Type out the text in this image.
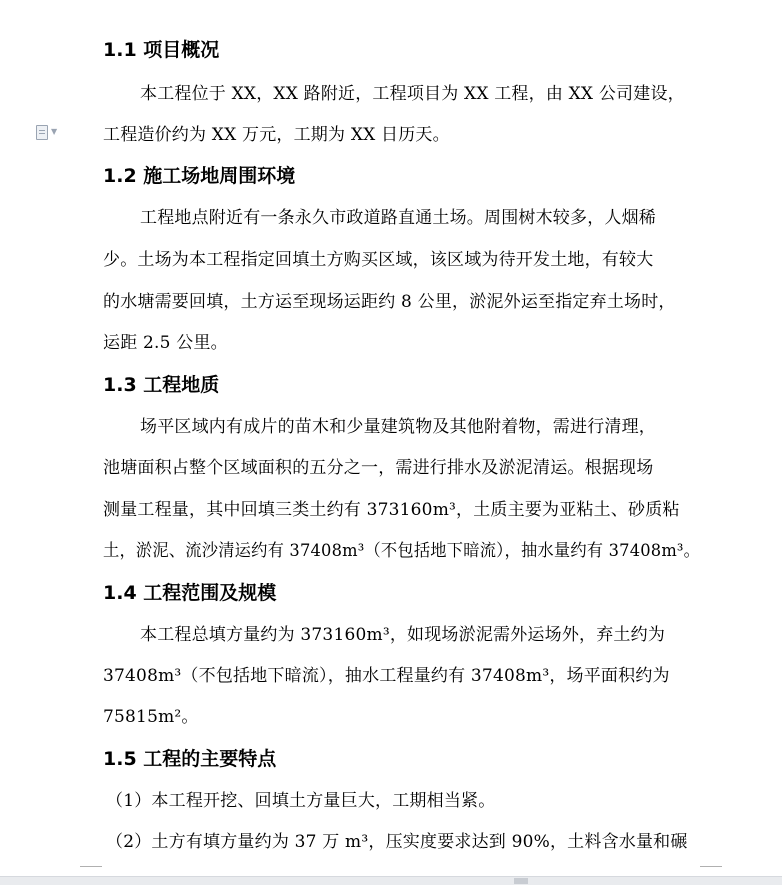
▼
1.1 项目概况

本工程位于 XX，XX 路附近，工程项目为 XX 工程，由 XX 公司建设，

工程造价约为 XX 万元，工期为 XX 日历天。

1.2 施工场地周围环境

工程地点附近有一条永久市政道路直通土场。周围树木较多，人烟稀

少。土场为本工程指定回填土方购买区域，该区域为待开发土地，有较大

的水塘需要回填，土方运至现场运距约 8 公里，淤泥外运至指定弃土场时，

运距 2.5 公里。

1.3 工程地质

场平区域内有成片的苗木和少量建筑物及其他附着物，需进行清理，

池塘面积占整个区域面积的五分之一，需进行排水及淤泥清运。根据现场

测量工程量，其中回填三类土约有 373160m³，土质主要为亚粘土、砂质粘

土，淤泥、流沙清运约有 37408m³（不包括地下暗流），抽水量约有 37408m³。

1.4 工程范围及规模

本工程总填方量约为 373160m³，如现场淤泥需外运场外，弃土约为

37408m³（不包括地下暗流），抽水工程量约有 37408m³，场平面积约为

75815m²。

1.5 工程的主要特点

（1）本工程开挖、回填土方量巨大，工期相当紧。

（2）土方有填方量约为 37 万 m³，压实度要求达到 90%，土料含水量和碾
